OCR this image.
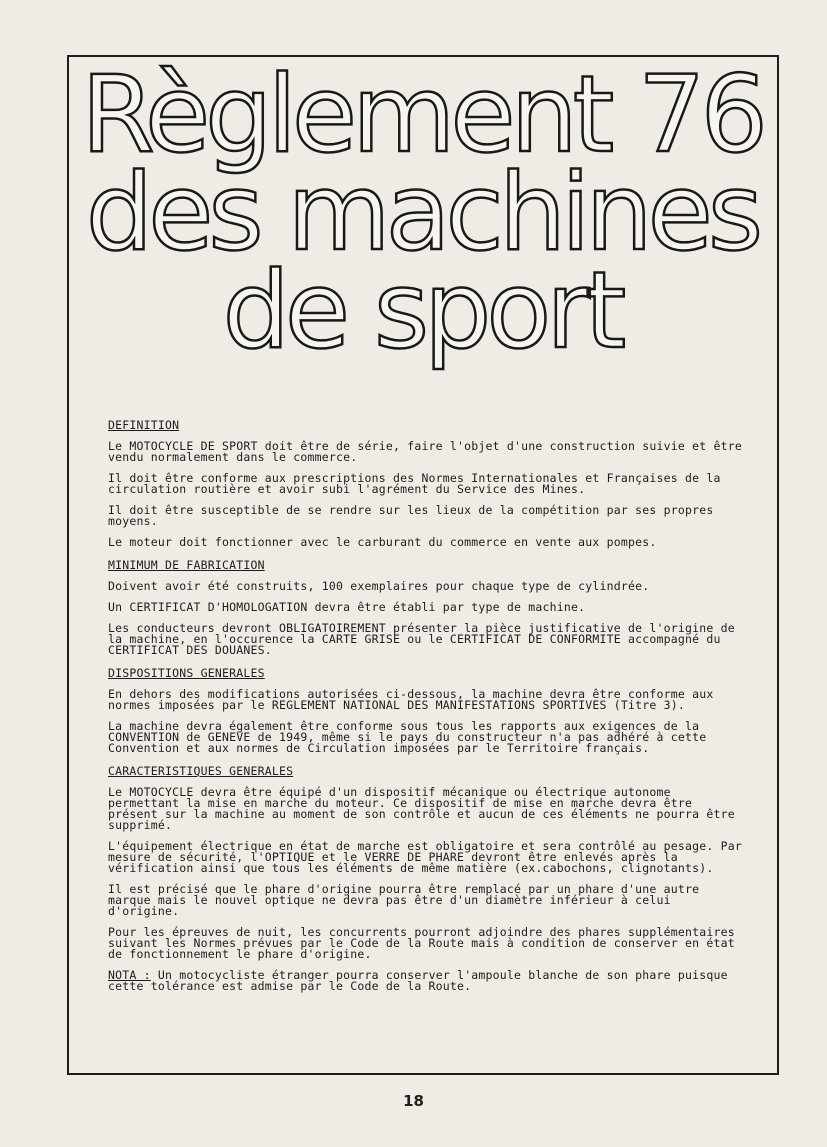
Règlement 76
des machines
de sport
DEFINITION

Le MOTOCYCLE DE SPORT doit être de série, faire l'objet d'une construction suivie et être vendu normalement dans le commerce.

Il doit être conforme aux prescriptions des Normes Internationales et Françaises de la circulation routière et avoir subi l'agrément du Service des Mines.

Il doit être susceptible de se rendre sur les lieux de la compétition par ses propres moyens.

Le moteur doit fonctionner avec le carburant du commerce en vente aux pompes.

MINIMUM DE FABRICATION

Doivent avoir été construits, 100 exemplaires pour chaque type de cylindrée.

Un CERTIFICAT D'HOMOLOGATION devra être établi par type de machine.

Les conducteurs devront OBLIGATOIREMENT présenter la pièce justificative de l'origine de la machine, en l'occurence la CARTE GRISE ou le CERTIFICAT DE CONFORMITE accompagné du CERTIFICAT DES DOUANES.

DISPOSITIONS GENERALES

En dehors des modifications autorisées ci-dessous, la machine devra être conforme aux normes imposées par le REGLEMENT NATIONAL DES MANIFESTATIONS SPORTIVES (Titre 3).

La machine devra également être conforme sous tous les rapports aux exigences de la CONVENTION de GENEVE de 1949, même si le pays du constructeur n'a pas adhéré à cette Convention et aux normes de Circulation imposées par le Territoire français.

CARACTERISTIQUES GENERALES

Le MOTOCYCLE devra être équipé d'un dispositif mécanique ou électrique autonome permettant la mise en marche du moteur. Ce dispositif de mise en marche devra être présent sur la machine au moment de son contrôle et aucun de ces éléments ne pourra être supprimé.

L'équipement électrique en état de marche est obligatoire et sera contrôlé au pesage. Par mesure de sécurité, l'OPTIQUE et le VERRE DE PHARE devront être enlevés après la vérification ainsi que tous les éléments de même matière (ex.cabochons, clignotants).

Il est précisé que le phare d'origine pourra être remplacé par un phare d'une autre marque mais le nouvel optique ne devra pas être d'un diamètre inférieur à celui d'origine.

Pour les épreuves de nuit, les concurrents pourront adjoindre des phares supplémentaires suivant les Normes prévues par le Code de la Route mais à condition de conserver en état de fonctionnement le phare d'origine.

NOTA : Un motocycliste étranger pourra conserver l'ampoule blanche de son phare puisque cette tolérance est admise par le Code de la Route.

18
